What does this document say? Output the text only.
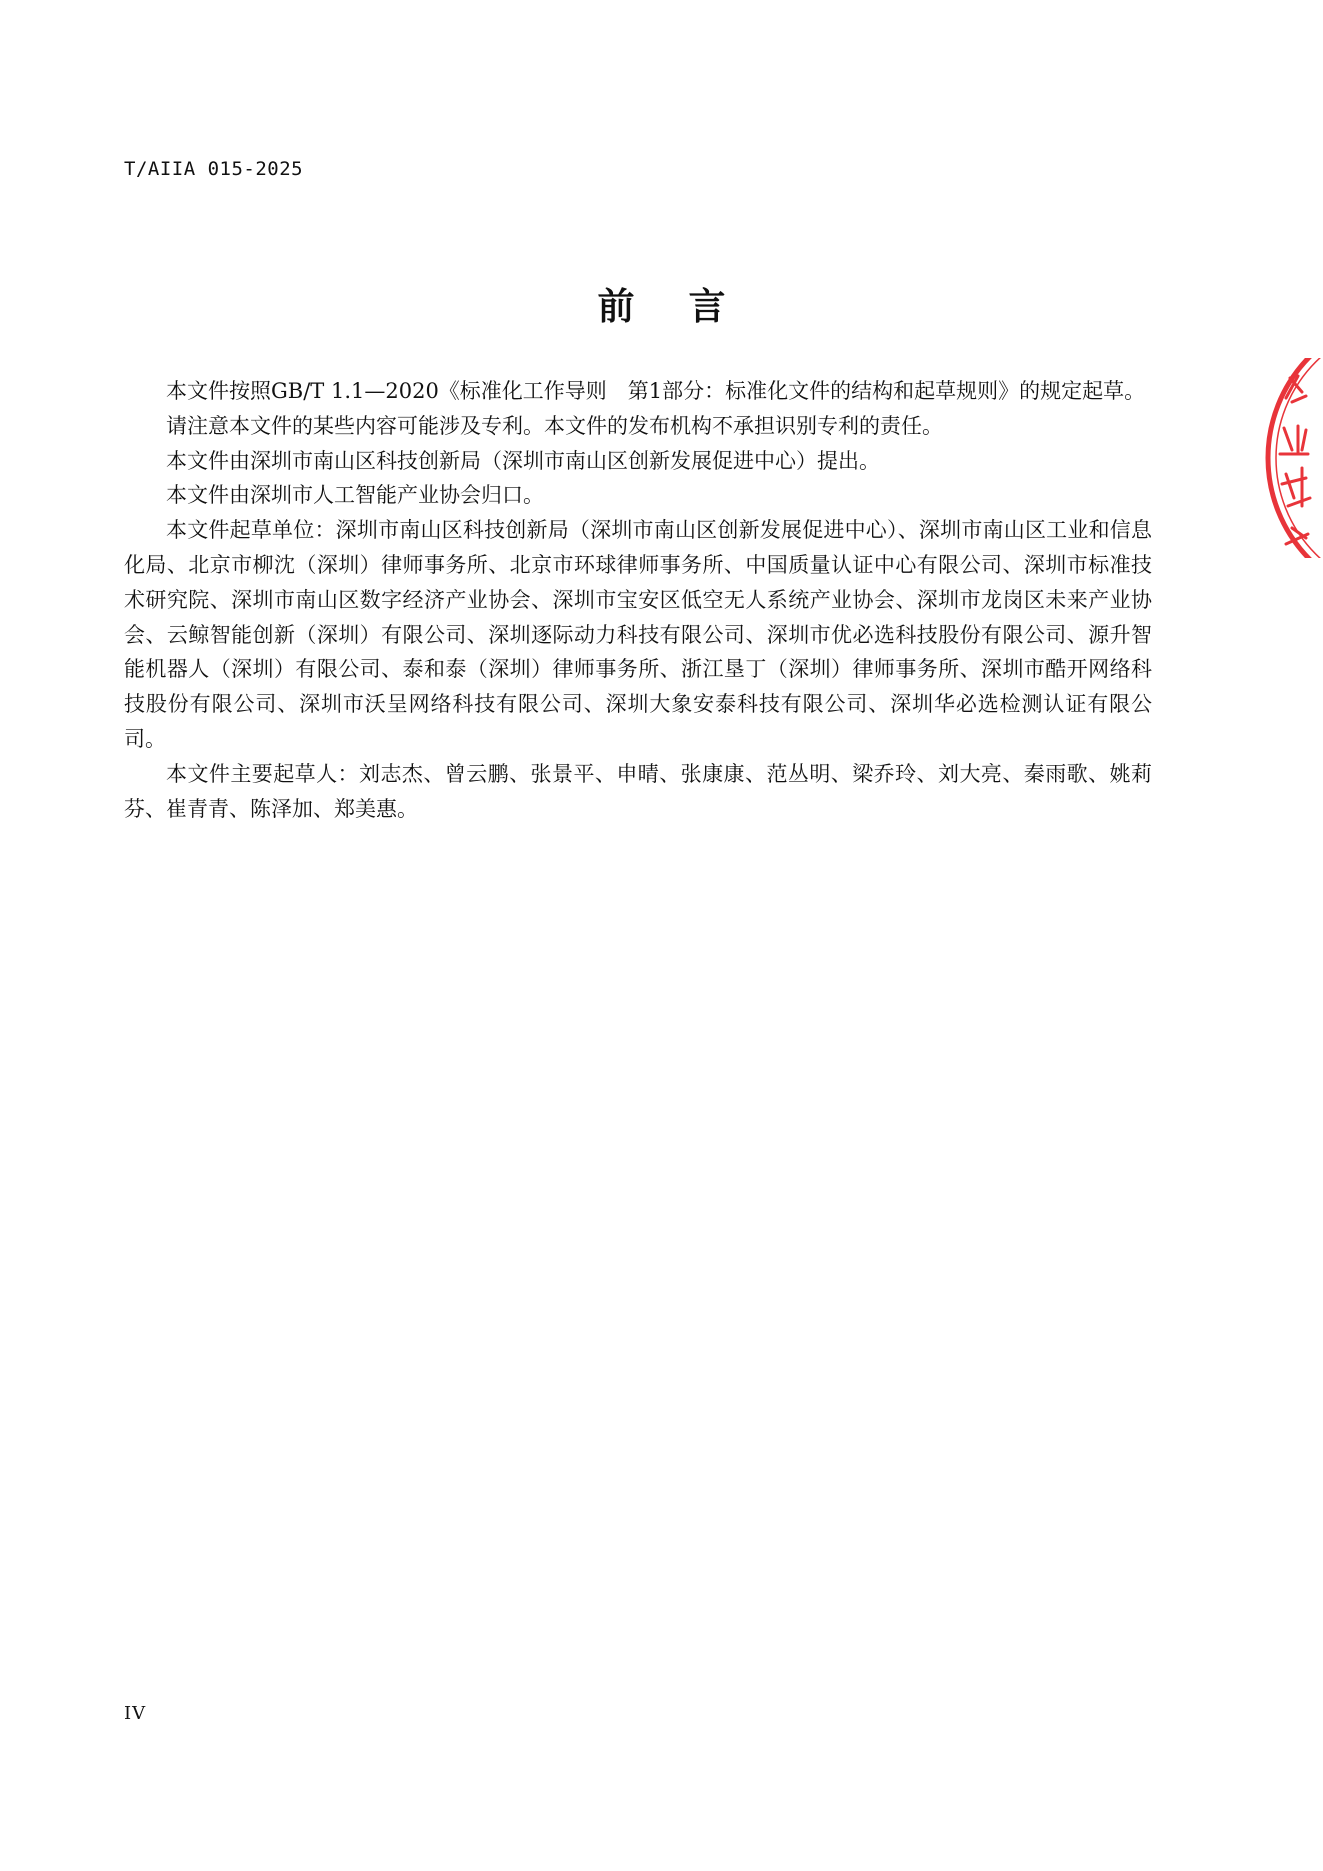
T/AIIA 015-2025
前言

本文件按照GB/T 1.1—2020《标准化工作导则　第1部分：标准化文件的结构和起草规则》的规定起草。

请注意本文件的某些内容可能涉及专利。本文件的发布机构不承担识别专利的责任。

本文件由深圳市南山区科技创新局（深圳市南山区创新发展促进中心）提出。

本文件由深圳市人工智能产业协会归口。

本文件起草单位：深圳市南山区科技创新局（深圳市南山区创新发展促进中心）、深圳市南山区工业和信息化局、北京市柳沈（深圳）律师事务所、北京市环球律师事务所、中国质量认证中心有限公司、深圳市标准技术研究院、深圳市南山区数字经济产业协会、深圳市宝安区低空无人系统产业协会、深圳市龙岗区未来产业协会、云鲸智能创新（深圳）有限公司、深圳逐际动力科技有限公司、深圳市优必选科技股份有限公司、源升智能机器人（深圳）有限公司、泰和泰（深圳）律师事务所、浙江垦丁（深圳）律师事务所、深圳市酷开网络科技股份有限公司、深圳市沃呈网络科技有限公司、深圳大象安泰科技有限公司、深圳华必选检测认证有限公司。

本文件主要起草人：刘志杰、曾云鹏、张景平、申晴、张康康、范丛明、梁乔玲、刘大亮、秦雨歌、姚莉芬、崔青青、陈泽加、郑美惠。

IV
